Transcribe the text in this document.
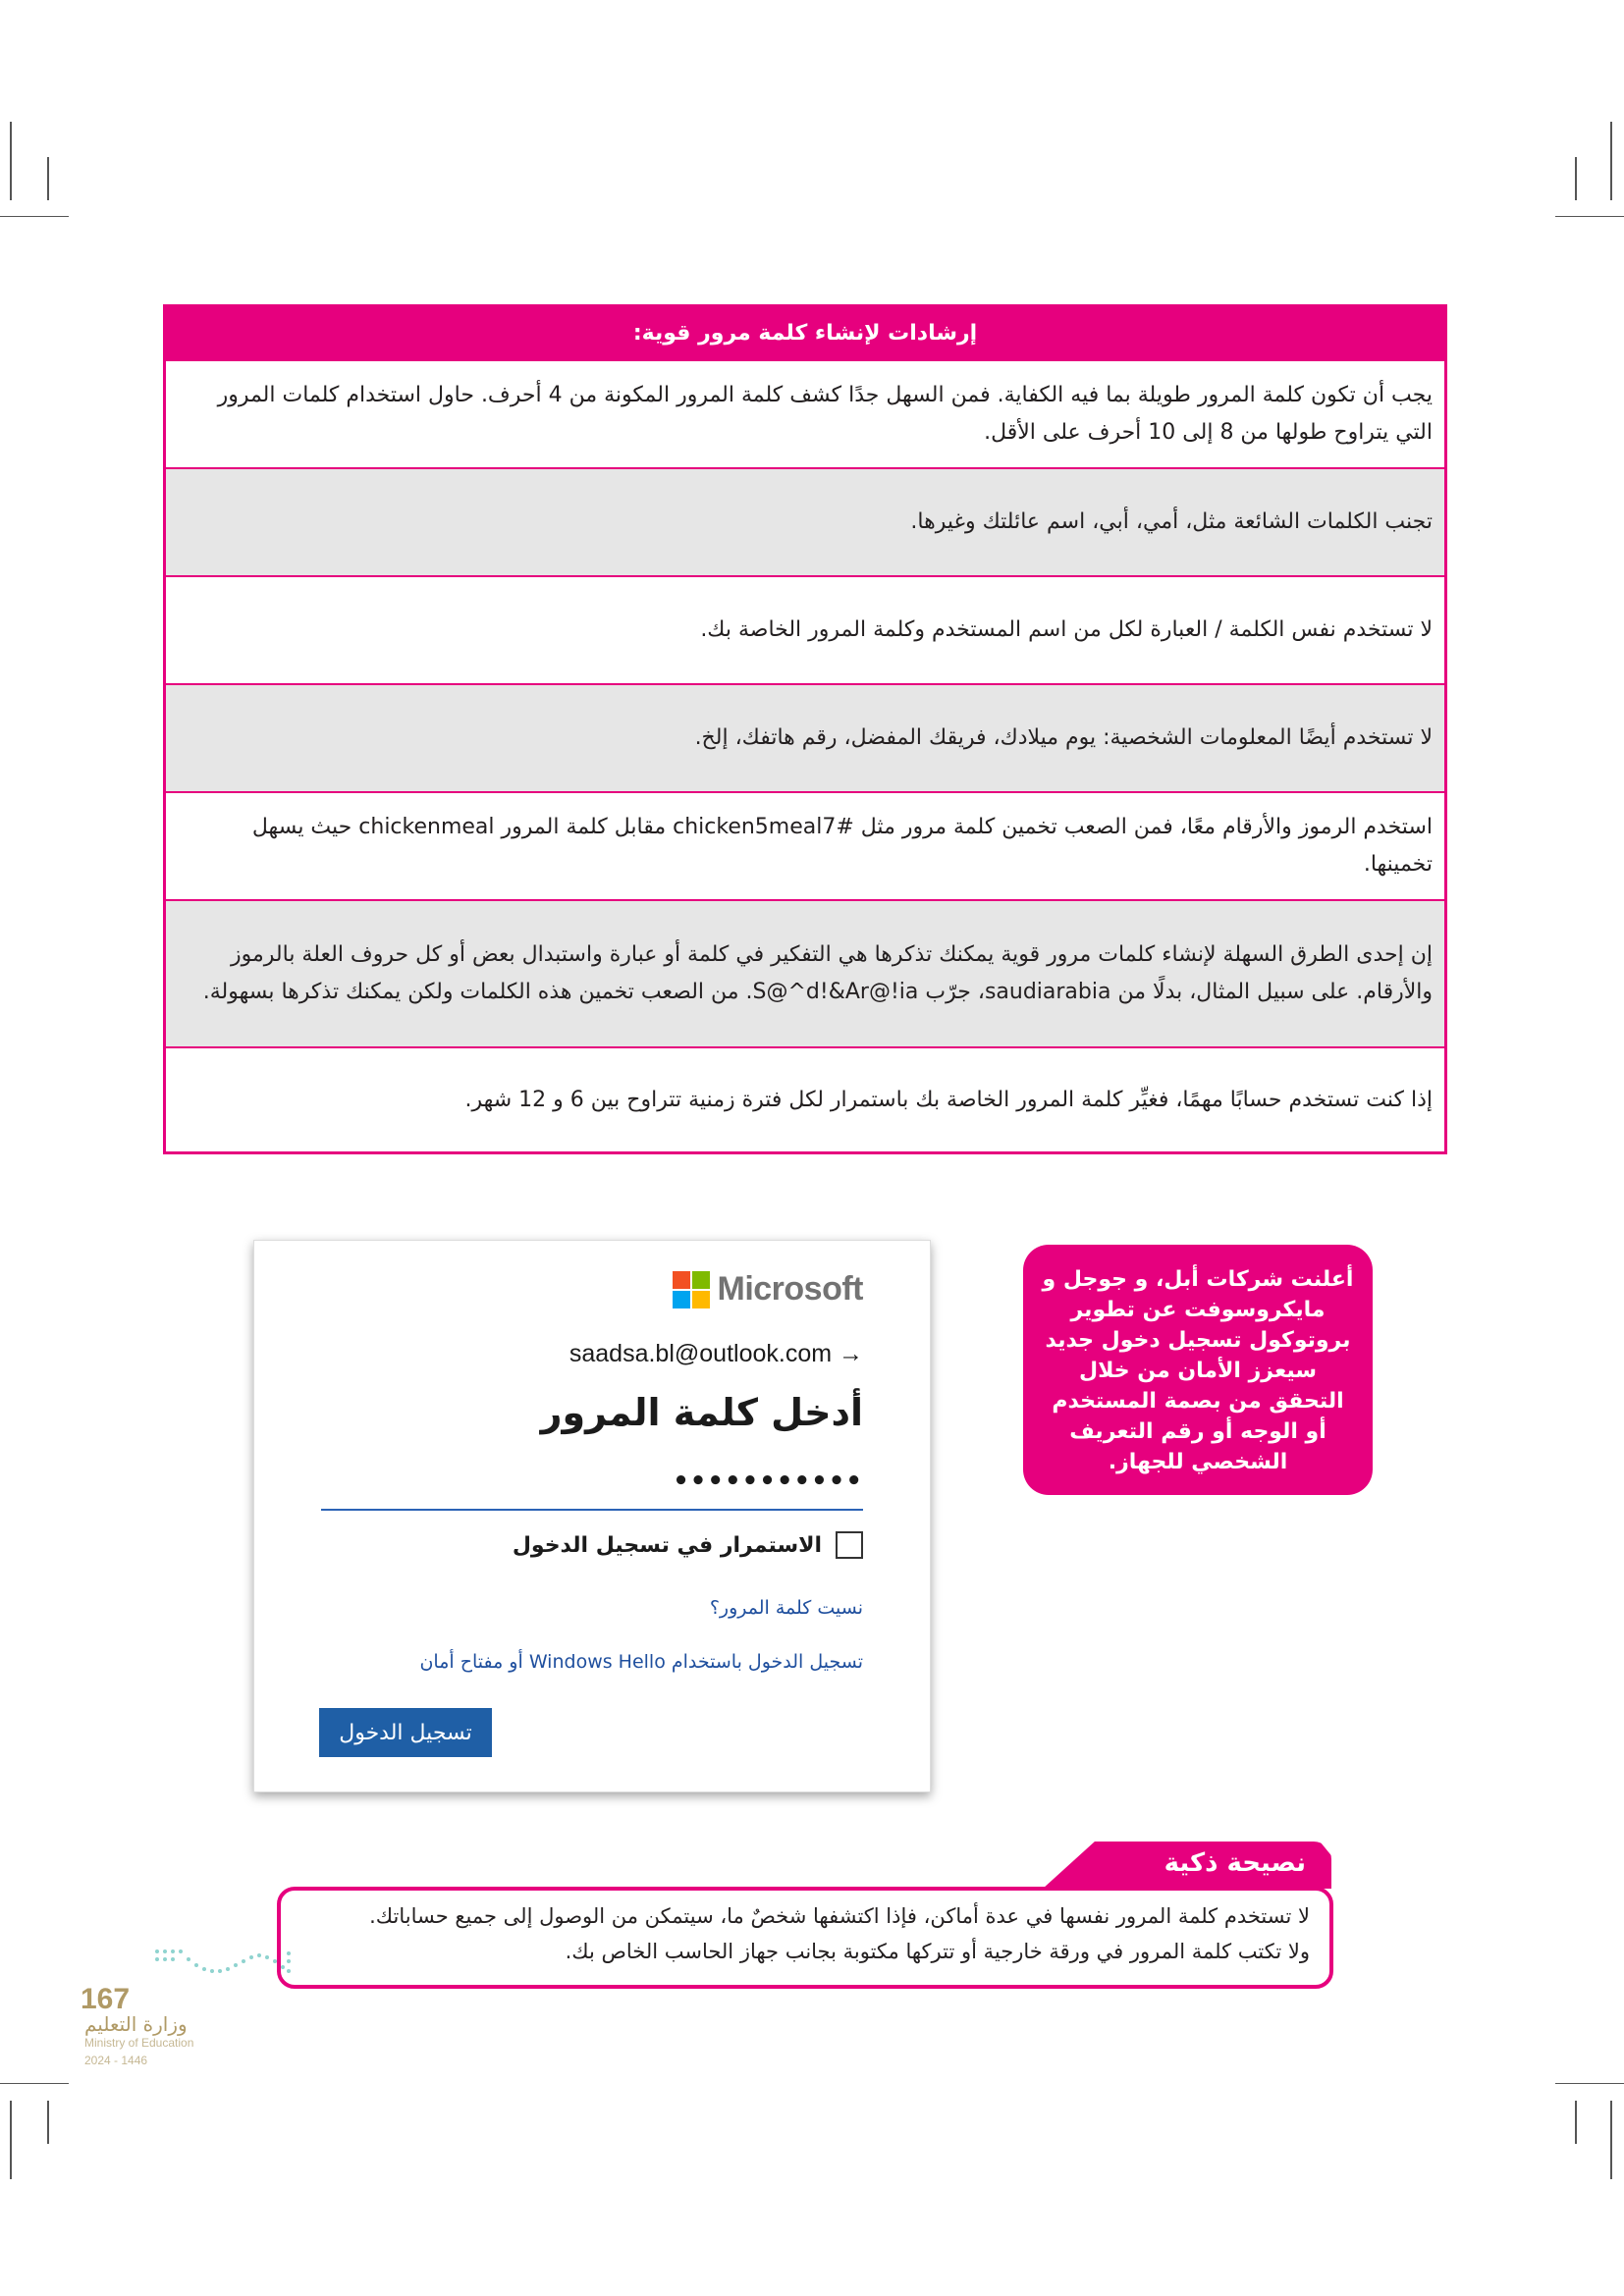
إرشادات لإنشاء كلمة مرور قوية:
يجب أن تكون كلمة المرور طويلة بما فيه الكفاية. فمن السهل جدًا كشف كلمة المرور المكونة من 4 أحرف. حاول استخدام كلمات المرور التي يتراوح طولها من 8 إلى 10 أحرف على الأقل.
تجنب الكلمات الشائعة مثل، أمي، أبي، اسم عائلتك وغيرها.
لا تستخدم نفس الكلمة / العبارة لكل من اسم المستخدم وكلمة المرور الخاصة بك.
لا تستخدم أيضًا المعلومات الشخصية: يوم ميلادك، فريقك المفضل، رقم هاتفك، إلخ.
استخدم الرموز والأرقام معًا، فمن الصعب تخمين كلمة مرور مثل chicken5meal7# مقابل كلمة المرور chickenmeal حيث يسهل تخمينها.
إن إحدى الطرق السهلة لإنشاء كلمات مرور قوية يمكنك تذكرها هي التفكير في كلمة أو عبارة واستبدال بعض أو كل حروف العلة بالرموز والأرقام. على سبيل المثال، بدلًا من saudiarabia، جرّب S@^d!&Ar@!ia. من الصعب تخمين هذه الكلمات ولكن يمكنك تذكرها بسهولة.
إذا كنت تستخدم حسابًا مهمًا، فغيِّر كلمة المرور الخاصة بك باستمرار لكل فترة زمنية تتراوح بين 6 و 12 شهر.
Microsoft
saadsa.bl@outlook.com →
أدخل كلمة المرور
•••••••••••
الاستمرار في تسجيل الدخول
نسيت كلمة المرور؟
تسجيل الدخول باستخدام Windows Hello أو مفتاح أمان
تسجيل الدخول
أعلنت شركات أبل، و جوجل و مايكروسوفت عن تطوير بروتوكول تسجيل دخول جديد سيعزز الأمان من خلال التحقق من بصمة المستخدم أو الوجه أو رقم التعريف الشخصي للجهاز.
نصيحة ذكية
لا تستخدم كلمة المرور نفسها في عدة أماكن، فإذا اكتشفها شخصٌ ما، سيتمكن من الوصول إلى جميع حساباتك.
ولا تكتب كلمة المرور في ورقة خارجية أو تتركها مكتوبة بجانب جهاز الحاسب الخاص بك.
167
وزارة التعليم
Ministry of Education
2024 - 1446
